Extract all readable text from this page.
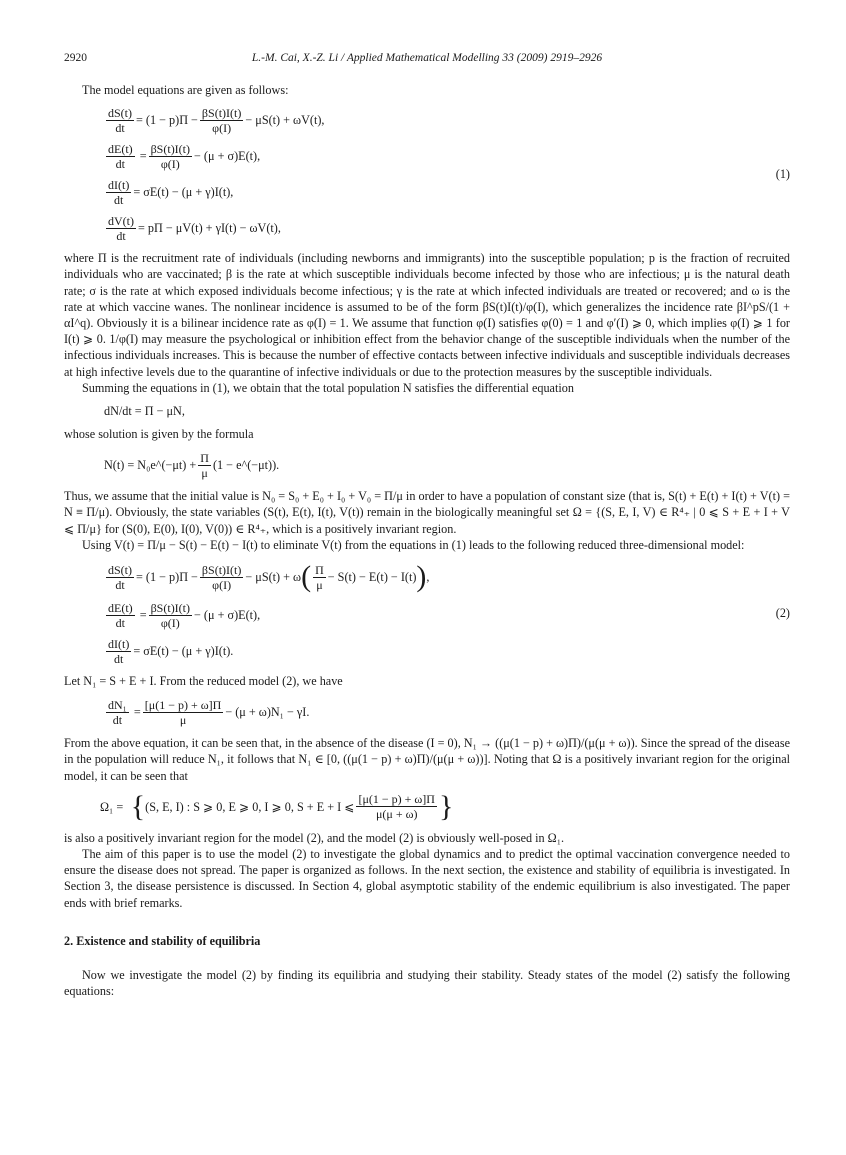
2920	L.-M. Cai, X.-Z. Li / Applied Mathematical Modelling 33 (2009) 2919–2926

The model equations are given as follows:

$\frac{dS(t)}{dt} = (1 - p)\Pi - \frac{\beta S(t)I(t)}{\varphi(I)} - \mu S(t) + \omega V(t)$,
$\frac{dE(t)}{dt} = \frac{\beta S(t)I(t)}{\varphi(I)} - (\mu + \sigma)E(t)$,
$\frac{dI(t)}{dt} = \sigma E(t) - (\mu + \gamma)I(t)$,
$\frac{dV(t)}{dt} = p\Pi - \mu V(t) + \gamma I(t) - \omega V(t)$,
(1)

where Π is the recruitment rate of individuals (including newborns and immigrants) into the susceptible population; p is the fraction of recruited individuals who are vaccinated; β is the rate at which susceptible individuals become infected by those who are infectious; μ is the natural death rate; σ is the rate at which exposed individuals become infectious; γ is the rate at which infected individuals are treated or recovered; and ω is the rate at which vaccine wanes. The nonlinear incidence is assumed to be of the form βS(t)I(t)/φ(I), which generalizes the incidence rate βI^pS/(1 + αI^q). Obviously it is a bilinear incidence rate as φ(I) = 1. We assume that function φ(I) satisfies φ(0) = 1 and φ′(I) ⩾ 0, which implies φ(I) ⩾ 1 for I(t) ⩾ 0. 1/φ(I) may measure the psychological or inhibition effect from the behavior change of the susceptible individuals when the number of the infectious individuals increases. This is because the number of effective contacts between infective individuals and susceptible individuals decreases at high infective levels due to the quarantine of infective individuals or due to the protection measures by the susceptible individuals.

Summing the equations in (1), we obtain that the total population N satisfies the differential equation

dN/dt = Π − μN,

whose solution is given by the formula

N(t) = N₀e^(−μt) + $\frac{\Pi}{\mu} (1$ − e^(−μt)).

Thus, we assume that the initial value is N₀ = S₀ + E₀ + I₀ + V₀ = Π/μ in order to have a population of constant size (that is, S(t) + E(t) + I(t) + V(t) = N ≡ Π/μ). Obviously, the state variables (S(t), E(t), I(t), V(t)) remain in the biologically meaningful set Ω = {(S, E, I, V) ∈ R⁴₊ | 0 ⩽ S + E + I + V ⩽ Π/μ} for (S(0), E(0), I(0), V(0)) ∈ R⁴₊, which is a positively invariant region.

Using V(t) = Π/μ − S(t) − E(t) − I(t) to eliminate V(t) from the equations in (1) leads to the following reduced three-dimensional model:

$\frac{dS(t)}{dt} = (1 - p)\Pi - \frac{\beta S(t)I(t)}{\varphi(I)} - \mu S(t) + \omega$ ( $\frac{\Pi}{\mu} - S(t) - E(t) - I(t)$ ) ,
$\frac{dE(t)}{dt} = \frac{\beta S(t)I(t)}{\varphi(I)} - (\mu + \sigma)E(t)$,
$\frac{dI(t)}{dt} = \sigma E(t) - (\mu + \gamma)I(t)$.
(2)

Let N₁ = S + E + I. From the reduced model (2), we have

$\frac{\text{dN₁}}{dt} = \frac{[\mu(1 - p) + \omega]\Pi}{\mu} - (\mu + \omega)N_1 - \gamma I$.

From the above equation, it can be seen that, in the absence of the disease (I = 0), N₁ → ((μ(1 − p) + ω)Π)/(μ(μ + ω)). Since the spread of the disease in the population will reduce N₁, it follows that N₁ ∈ [0, ((μ(1 − p) + ω)Π)/(μ(μ + ω))]. Noting that Ω is a positively invariant region for the original model, it can be seen that

Ω₁ = { (S, E, I) : S ⩾ 0, E ⩾ 0, I ⩾ 0, S + E + I ⩽ $\frac{[\mu(1 - p) + \omega]\Pi}{\mu(\mu + \omega)}$ }

is also a positively invariant region for the model (2), and the model (2) is obviously well-posed in Ω₁.

The aim of this paper is to use the model (2) to investigate the global dynamics and to predict the optimal vaccination convergence needed to ensure the disease does not spread. The paper is organized as follows. In the next section, the existence and stability of equilibria is investigated. In Section 3, the disease persistence is discussed. In Section 4, global asymptotic stability of the endemic equilibrium is also investigated. The paper ends with brief remarks.

2. Existence and stability of equilibria

Now we investigate the model (2) by finding its equilibria and studying their stability. Steady states of the model (2) satisfy the following equations:
